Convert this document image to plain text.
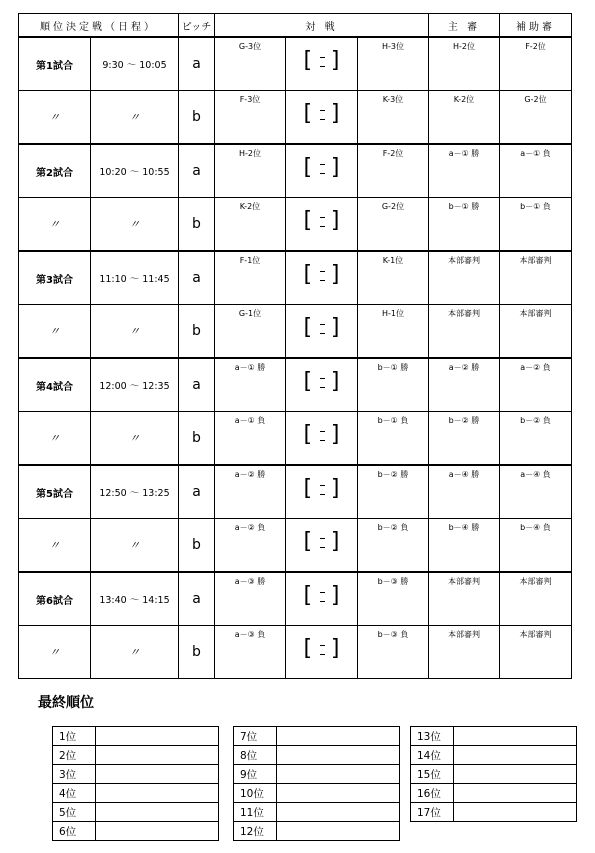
順位決定戦（日程）		ピッチ	対 戦			主 審	補助審
第1試合	9:30 ～ 10:05	a	G-3位	[ ]	H-3位	H-2位	F-2位

〃	〃	b	F-3位	[ ]	K-3位	K-2位	G-2位

第2試合	10:20 ～ 10:55	a	H-2位	[ ]	F-2位	a－① 勝	a－① 負

〃	〃	b	K-2位	[ ]	G-2位	b－① 勝	b－① 負

第3試合	11:10 ～ 11:45	a	F-1位	[ ]	K-1位	本部審判	本部審判

〃	〃	b	G-1位	[ ]	H-1位	本部審判	本部審判

第4試合	12:00 ～ 12:35	a	a－① 勝	[ ]	b－① 勝	a－② 勝	a－② 負

〃	〃	b	a－① 負	[ ]	b－① 負	b－② 勝	b－② 負

第5試合	12:50 ～ 13:25	a	a－② 勝	[ ]	b－② 勝	a－④ 勝	a－④ 負

〃	〃	b	a－② 負	[ ]	b－② 負	b－④ 勝	b－④ 負

第6試合	13:40 ～ 14:15	a	a－③ 勝	[ ]	b－③ 勝	本部審判	本部審判

〃	〃	b	a－③ 負	[ ]	b－③ 負	本部審判	本部審判
最終順位
1位	
2位	
3位	
4位	
5位	
6位	
7位	
8位	
9位	
10位	
11位	
12位	
13位	
14位	
15位	
16位	
17位	
